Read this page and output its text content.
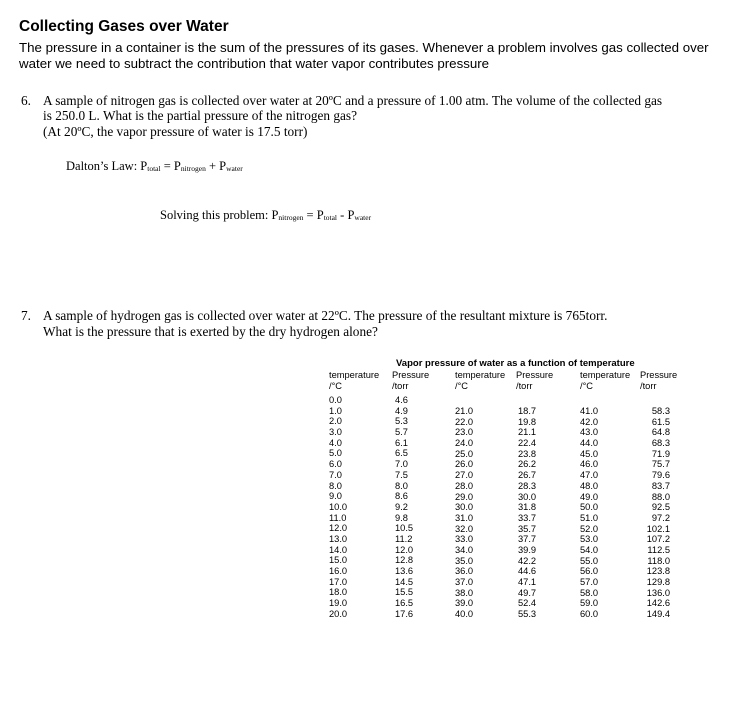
Collecting Gases over Water

The pressure in a container is the sum of the pressures of its gases. Whenever a problem involves gas collected over water we need to subtract the contribution that water vapor contributes pressure

6. A sample of nitrogen gas is collected over water at 20ºC and a pressure of 1.00 atm. The volume of the collected gas

is 250.0 L. What is the partial pressure of the nitrogen gas?

(At 20ºC, the vapor pressure of water is 17.5 torr)

Dalton’s Law: $P_{total} = P_{nitrogen} + P_{water}$
Solving this problem: $P_{nitrogen} = P_{total} - P_{water}$
7. A sample of hydrogen gas is collected over water at 22ºC. The pressure of the resultant mixture is 765torr.

What is the pressure that is exerted by the dry hydrogen alone?

Vapor pressure of water as a function of temperature
temperature
/°C
Pressure
/torr
temperature
/°C
Pressure
/torr
temperature
/°C
Pressure
/torr
0.0
1.0
2.0
3.0
4.0
5.0
6.0
7.0
8.0
9.0
10.0
11.0
12.0
13.0
14.0
15.0
16.0
17.0
18.0
19.0
20.0
4.6
4.9
5.3
5.7
6.1
6.5
7.0
7.5
8.0
8.6
9.2
9.8
10.5
11.2
12.0
12.8
13.6
14.5
15.5
16.5
17.6
21.0
22.0
23.0
24.0
25.0
26.0
27.0
28.0
29.0
30.0
31.0
32.0
33.0
34.0
35.0
36.0
37.0
38.0
39.0
40.0
18.7
19.8
21.1
22.4
23.8
26.2
26.7
28.3
30.0
31.8
33.7
35.7
37.7
39.9
42.2
44.6
47.1
49.7
52.4
55.3
41.0
42.0
43.0
44.0
45.0
46.0
47.0
48.0
49.0
50.0
51.0
52.0
53.0
54.0
55.0
56.0
57.0
58.0
59.0
60.0
58.3
61.5
64.8
68.3
71.9
75.7
79.6
83.7
88.0
92.5
97.2
102.1
107.2
112.5
118.0
123.8
129.8
136.0
142.6
149.4
